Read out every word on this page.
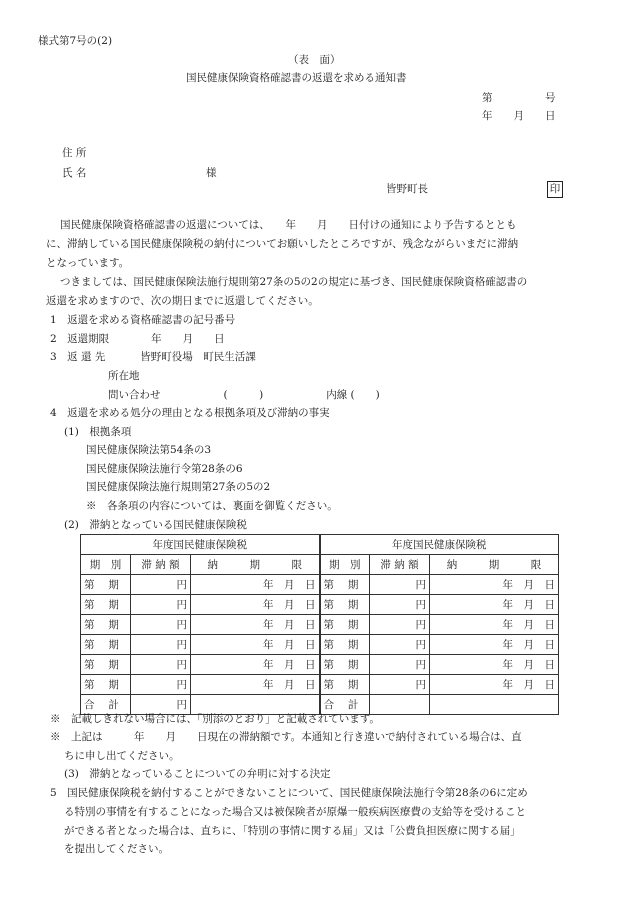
様式第7号の(2)
（表　面）
国民健康保険資格確認書の返還を求める通知書
第　　　　　号
年　　月　　日
住 所
氏 名	様
皆野町長	印
国民健康保険資格確認書の返還については、　　年　　月　　日付けの通知により予告するととも
に、滞納している国民健康保険税の納付についてお願いしたところですが、残念ながらいまだに滞納
となっています。
つきましては、国民健康保険法施行規則第27条の5の2の規定に基づき、国民健康保険資格確認書の
返還を求めますので、次の期日までに返還してください。
1　返還を求める資格確認書の記号番号
2　返還期限　　　　年　　月　　日
3　返 還 先　　　 皆野町役場　町民生活課
所在地
問い合わせ　　　　　　(　　　)　　　　　　内線 (　　)
4　返還を求める処分の理由となる根拠条項及び滞納の事実
(1)　根拠条項
国民健康保険法第54条の3
国民健康保険法施行令第28条の6
国民健康保険法施行規則第27条の5の2
※　各条項の内容については、裏面を御覧ください。
(2)　滞納となっている国民健康保険税
年度国民健康保険税			年度国民健康保険税		
期　別	滞 納 額	納　　　期　　　限	期　別	滞 納 額	納　　　期　　　限
第　 期	円	年　月　日	第　 期	円	年　月　日
第　 期	円	年　月　日	第　 期	円	年　月　日
第　 期	円	年　月　日	第　 期	円	年　月　日
第　 期	円	年　月　日	第　 期	円	年　月　日
第　 期	円	年　月　日	第　 期	円	年　月　日
第　 期	円	年　月　日	第　 期	円	年　月　日
合　 計	円		合　 計		
※　記載しきれない場合には、「別添のとおり」と記載されています。
※　上記は　　　年　　月　　日現在の滞納額です。本通知と行き違いで納付されている場合は、直
ちに申し出てください。
(3)　滞納となっていることについての弁明に対する決定
5　国民健康保険税を納付することができないことについて、国民健康保険法施行令第28条の6に定め
る特別の事情を有することになった場合又は被保険者が原爆一般疾病医療費の支給等を受けること
ができる者となった場合は、直ちに、「特別の事情に関する届」又は「公費負担医療に関する届」
を提出してください。
